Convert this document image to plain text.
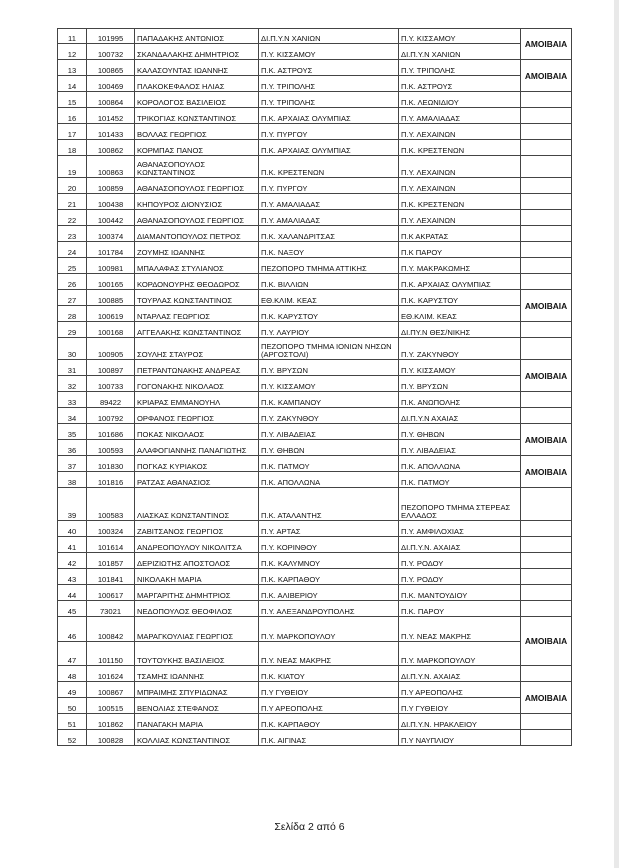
11	101995	ΠΑΠΑΔΑΚΗΣ ΑΝΤΩΝΙΟΣ	ΔΙ.Π.Υ.Ν ΧΑΝΙΩΝ	Π.Υ. ΚΙΣΣΑΜΟΥ	ΑΜΟΙΒΑΙΑ
12	100732	ΣΚΑΝΔΑΛΑΚΗΣ ΔΗΜΗΤΡΙΟΣ	Π.Υ. ΚΙΣΣΑΜΟΥ	ΔΙ.Π.Υ.Ν ΧΑΝΙΩΝ	
13	100865	ΚΑΛΑΣΟΥΝΤΑΣ ΙΩΑΝΝΗΣ	Π.Κ. ΑΣΤΡΟΥΣ	Π.Υ. ΤΡΙΠΟΛΗΣ	ΑΜΟΙΒΑΙΑ
14	100469	ΠΛΑΚΟΚΕΦΑΛΟΣ ΗΛΙΑΣ	Π.Υ. ΤΡΙΠΟΛΗΣ	Π.Κ. ΑΣΤΡΟΥΣ	
15	100864	ΚΟΡΟΛΟΓΟΣ ΒΑΣΙΛΕΙΟΣ	Π.Υ. ΤΡΙΠΟΛΗΣ	Π.Κ. ΛΕΩΝΙΔΙΟΥ	
16	101452	ΤΡΙΚΟΓΙΑΣ ΚΩΝΣΤΑΝΤΙΝΟΣ	Π.Κ. ΑΡΧΑΙΑΣ ΟΛΥΜΠΙΑΣ	Π.Υ. ΑΜΑΛΙΑΔΑΣ	
17	101433	ΒΟΛΛΑΣ ΓΕΩΡΓΙΟΣ	Π.Υ. ΠΥΡΓΟΥ	Π.Υ. ΛΕΧΑΙΝΩΝ	
18	100862	ΚΟΡΜΠΑΣ ΠΑΝΟΣ	Π.Κ. ΑΡΧΑΙΑΣ ΟΛΥΜΠΙΑΣ	Π.Κ. ΚΡΕΣΤΕΝΩΝ	
19	100863	ΑΘΑΝΑΣΟΠΟΥΛΟΣ ΚΩΝΣΤΑΝΤΙΝΟΣ	Π.Κ. ΚΡΕΣΤΕΝΩΝ	Π.Υ. ΛΕΧΑΙΝΩΝ	
20	100859	ΑΘΑΝΑΣΟΠΟΥΛΟΣ ΓΕΩΡΓΙΟΣ	Π.Υ. ΠΥΡΓΟΥ	Π.Υ. ΛΕΧΑΙΝΩΝ	
21	100438	ΚΗΠΟΥΡΟΣ ΔΙΟΝΥΣΙΟΣ	Π.Υ. ΑΜΑΛΙΑΔΑΣ	Π.Κ. ΚΡΕΣΤΕΝΩΝ	
22	100442	ΑΘΑΝΑΣΟΠΟΥΛΟΣ ΓΕΩΡΓΙΟΣ	Π.Υ. ΑΜΑΛΙΑΔΑΣ	Π.Υ. ΛΕΧΑΙΝΩΝ	
23	100374	ΔΙΑΜΑΝΤΟΠΟΥΛΟΣ ΠΕΤΡΟΣ	Π.Κ. ΧΑΛΑΝΔΡΙΤΣΑΣ	Π.Κ ΑΚΡΑΤΑΣ	
24	101784	ΖΟΥΜΗΣ ΙΩΑΝΝΗΣ	Π.Κ. ΝΑΞΟΥ	Π.Κ ΠΑΡΟΥ	
25	100981	ΜΠΑΛΑΦΑΣ ΣΤΥΛΙΑΝΟΣ	ΠΕΖΟΠΟΡΟ ΤΜΗΜΑ ΑΤΤΙΚΗΣ	Π.Υ. ΜΑΚΡΑΚΩΜΗΣ	
26	100165	ΚΟΡΔΟΝΟΥΡΗΣ ΘΕΟΔΩΡΟΣ	Π.Κ. ΒΙΛΛΙΩΝ	Π.Κ. ΑΡΧΑΙΑΣ ΟΛΥΜΠΙΑΣ	
27	100885	ΤΟΥΡΛΑΣ ΚΩΝΣΤΑΝΤΙΝΟΣ	ΕΘ.ΚΛΙΜ. ΚΕΑΣ	Π.Κ. ΚΑΡΥΣΤΟΥ	ΑΜΟΙΒΑΙΑ
28	100619	ΝΤΑΡΛΑΣ ΓΕΩΡΓΙΟΣ	Π.Κ. ΚΑΡΥΣΤΟΥ	ΕΘ.ΚΛΙΜ. ΚΕΑΣ	
29	100168	ΑΓΓΕΛΑΚΗΣ ΚΩΝΣΤΑΝΤΙΝΟΣ	Π.Υ. ΛΑΥΡΙΟΥ	ΔΙ.ΠΥ.Ν ΘΕΣ/ΝΙΚΗΣ	
30	100905	ΣΟΥΛΗΣ ΣΤΑΥΡΟΣ	ΠΕΖΟΠΟΡΟ ΤΜΗΜΑ ΙΟΝΙΩΝ ΝΗΣΩΝ (ΑΡΓΟΣΤΟΛΙ)	Π.Υ. ΖΑΚΥΝΘΟΥ	
31	100897	ΠΕΤΡΑΝΤΩΝΑΚΗΣ ΑΝΔΡΕΑΣ	Π.Υ. ΒΡΥΣΩΝ	Π.Υ. ΚΙΣΣΑΜΟΥ	ΑΜΟΙΒΑΙΑ
32	100733	ΓΟΓΟΝΑΚΗΣ ΝΙΚΟΛΑΟΣ	Π.Υ. ΚΙΣΣΑΜΟΥ	Π.Υ. ΒΡΥΣΩΝ	
33	89422	ΚΡΙΑΡΑΣ ΕΜΜΑΝΟΥΗΛ	Π.Κ. ΚΑΜΠΑΝΟΥ	Π.Κ. ΑΝΩΠΟΛΗΣ	
34	100792	ΟΡΦΑΝΟΣ ΓΕΩΡΓΙΟΣ	Π.Υ. ΖΑΚΥΝΘΟΥ	ΔΙ.Π.Υ.Ν ΑΧΑΙΑΣ	
35	101686	ΠΟΚΑΣ ΝΙΚΟΛΑΟΣ	Π.Υ. ΛΙΒΑΔΕΙΑΣ	Π.Υ. ΘΗΒΩΝ	ΑΜΟΙΒΑΙΑ
36	100593	ΑΛΑΦΟΓΙΑΝΝΗΣ ΠΑΝΑΓΙΩΤΗΣ	Π.Υ. ΘΗΒΩΝ	Π.Υ. ΛΙΒΑΔΕΙΑΣ	
37	101830	ΠΟΓΚΑΣ ΚΥΡΙΑΚΟΣ	Π.Κ. ΠΑΤΜΟΥ	Π.Κ. ΑΠΟΛΛΩΝΑ	ΑΜΟΙΒΑΙΑ
38	101816	ΡΑΤΖΑΣ ΑΘΑΝΑΣΙΟΣ	Π.Κ. ΑΠΟΛΛΩΝΑ	Π.Κ. ΠΑΤΜΟΥ	
39	100583	ΛΙΑΣΚΑΣ ΚΩΝΣΤΑΝΤΙΝΟΣ	Π.Κ. ΑΤΑΛΑΝΤΗΣ	ΠΕΖΟΠΟΡΟ ΤΜΗΜΑ ΣΤΕΡΕΑΣ ΕΛΛΑΔΟΣ	
40	100324	ΖΑΒΙΤΣΑΝΟΣ ΓΕΩΡΓΙΟΣ	Π.Υ. ΑΡΤΑΣ	Π.Υ. ΑΜΦΙΛΟΧΙΑΣ	
41	101614	ΑΝΔΡΕΟΠΟΥΛΟΥ ΝΙΚΟΛΙΤΣΑ	Π.Υ. ΚΟΡΙΝΘΟΥ	ΔΙ.Π.Υ.Ν. ΑΧΑΙΑΣ	
42	101857	ΔΕΡΙΖΙΩΤΗΣ ΑΠΟΣΤΟΛΟΣ	Π.Κ. ΚΑΛΥΜΝΟΥ	Π.Υ. ΡΟΔΟΥ	
43	101841	ΝΙΚΟΛΑΚΗ ΜΑΡΙΑ	Π.Κ. ΚΑΡΠΑΘΟΥ	Π.Υ. ΡΟΔΟΥ	
44	100617	ΜΑΡΓΑΡΙΤΗΣ ΔΗΜΗΤΡΙΟΣ	Π.Κ. ΑΛΙΒΕΡΙΟΥ	Π.Κ. ΜΑΝΤΟΥΔΙΟΥ	
45	73021	ΝΕΔΟΠΟΥΛΟΣ ΘΕΟΦΙΛΟΣ	Π.Υ. ΑΛΕΞΑΝΔΡΟΥΠΟΛΗΣ	Π.Κ. ΠΑΡΟΥ	
46	100842	ΜΑΡΑΓΚΟΥΛΙΑΣ ΓΕΩΡΓΙΟΣ	Π.Υ. ΜΑΡΚΟΠΟΥΛΟΥ	Π.Υ. ΝΕΑΣ ΜΑΚΡΗΣ	ΑΜΟΙΒΑΙΑ
47	101150	ΤΟΥΤΟΥΚΗΣ ΒΑΣΙΛΕΙΟΣ	Π.Υ. ΝΕΑΣ ΜΑΚΡΗΣ	Π.Υ. ΜΑΡΚΟΠΟΥΛΟΥ	
48	101624	ΤΣΑΜΗΣ ΙΩΑΝΝΗΣ	Π.Κ. ΚΙΑΤΟΥ	ΔΙ.Π.Υ.Ν. ΑΧΑΙΑΣ	
49	100867	ΜΠΡΑΙΜΗΣ ΣΠΥΡΙΔΩΝΑΣ	Π.Υ ΓΥΘΕΙΟΥ	Π.Υ ΑΡΕΟΠΟΛΗΣ	ΑΜΟΙΒΑΙΑ
50	100515	ΒΕΝΟΛΙΑΣ ΣΤΕΦΑΝΟΣ	Π.Υ ΑΡΕΟΠΟΛΗΣ	Π.Υ ΓΥΘΕΙΟΥ	
51	101862	ΠΑΝΑΓΑΚΗ ΜΑΡΙΑ	Π.Κ. ΚΑΡΠΑΘΟΥ	ΔΙ.Π.Υ.Ν. ΗΡΑΚΛΕΙΟΥ	
52	100828	ΚΟΛΛΙΑΣ ΚΩΝΣΤΑΝΤΙΝΟΣ	Π.Κ. ΑΙΓΙΝΑΣ	Π.Υ ΝΑΥΠΛΙΟΥ	
Σελίδα 2 από 6
